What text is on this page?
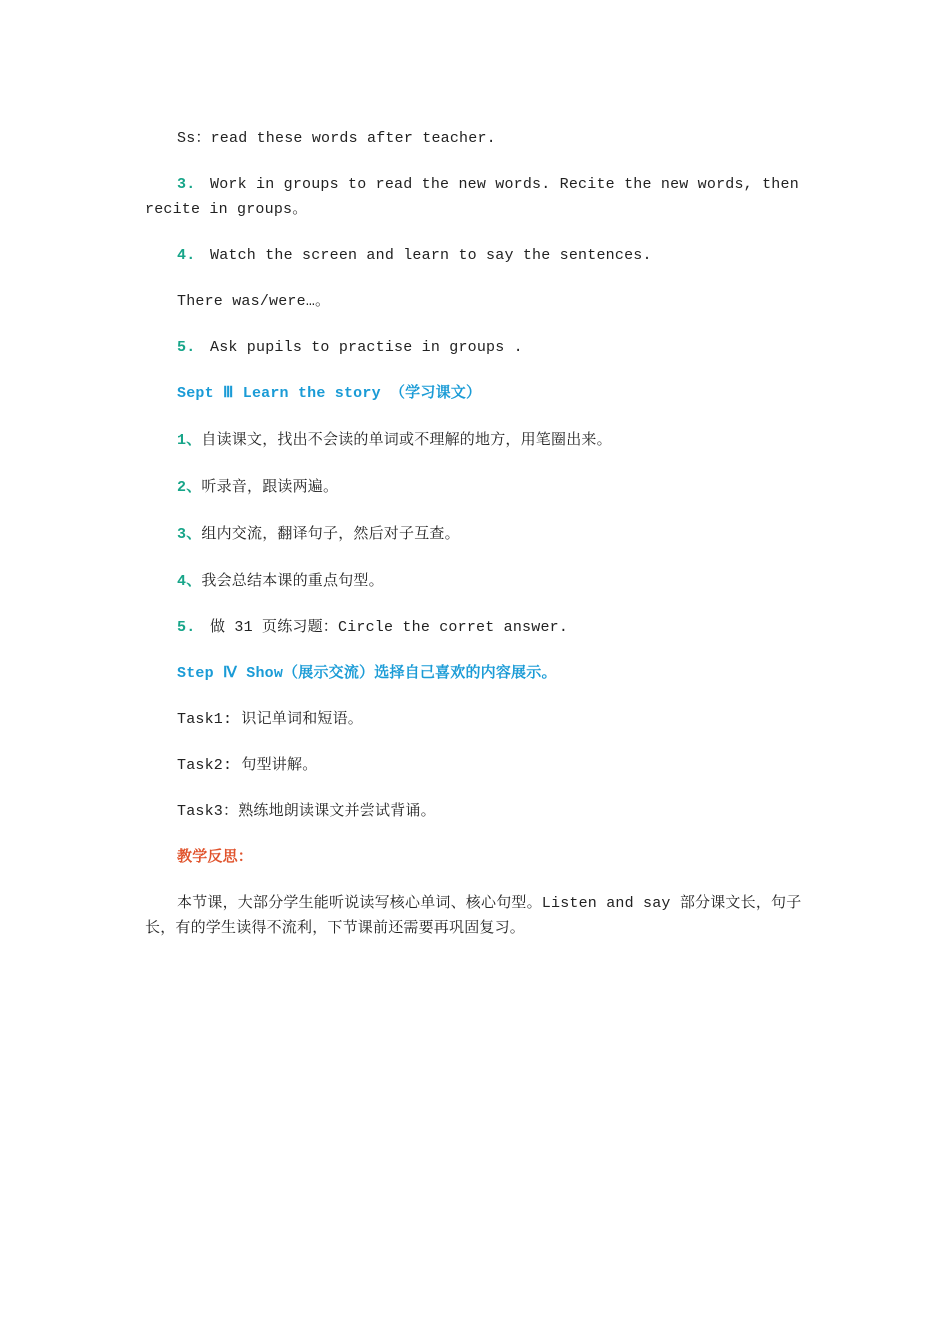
Ss：read these words after teacher.

3. Work in groups to read the new words. Recite the new words, then recite in groups。

4. Watch the screen and learn to say the sentences.

There was/were…。

5. Ask pupils to practise in groups .

Sept Ⅲ Learn the story （学习课文）

1、自读课文，找出不会读的单词或不理解的地方，用笔圈出来。

2、听录音，跟读两遍。

3、组内交流，翻译句子，然后对子互查。

4、我会总结本课的重点句型。

5. 做 31 页练习题：Circle the corret answer.

Step Ⅳ Show（展示交流）选择自己喜欢的内容展示。

Task1: 识记单词和短语。

Task2: 句型讲解。

Task3：熟练地朗读课文并尝试背诵。

教学反思：

本节课，大部分学生能听说读写核心单词、核心句型。Listen and say 部分课文长，句子长，有的学生读得不流利，下节课前还需要再巩固复习。
